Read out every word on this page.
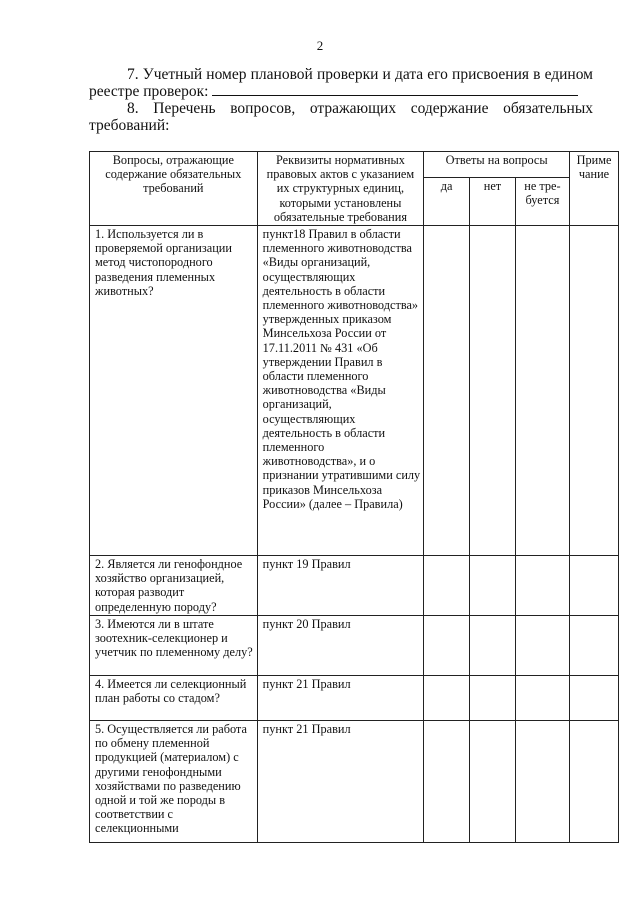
2
7. Учетный номер плановой проверки и дата его присвоения в едином реестре проверок:
8. Перечень вопросов, отражающих содержание обязательных требований:
Вопросы, отражающие содержание обязательных требований	Реквизиты нормативных правовых актов с указанием их структурных единиц, которыми установлены обязательные требования	Ответы на вопросы			Приме чание
		да	нет	не тре-буется	
1. Используется ли в проверяемой организации метод чистопородного разведения племенных животных?	пункт18 Правил в области племенного животноводства «Виды организаций, осуществляющих деятельность в области племенного животноводства» утвержденных приказом Минсельхоза России от 17.11.2011 № 431 «Об утверждении Правил в области племенного животноводства «Виды организаций, осуществляющих деятельность в области племенного животноводства», и о признании утратившими силу приказов Минсельхоза России» (далее – Правила)				
2. Является ли генофондное хозяйство организацией, которая разводит определенную породу?	пункт 19 Правил				
3. Имеются ли в штате зоотехник-селекционер и учетчик по племенному делу?	пункт 20 Правил				
4. Имеется ли селекционный план работы со стадом?	пункт 21 Правил				
5. Осуществляется ли работа по обмену племенной продукцией (материалом) с другими генофондными хозяйствами по разведению одной и той же породы в соответствии с селекционными	пункт 21 Правил				
